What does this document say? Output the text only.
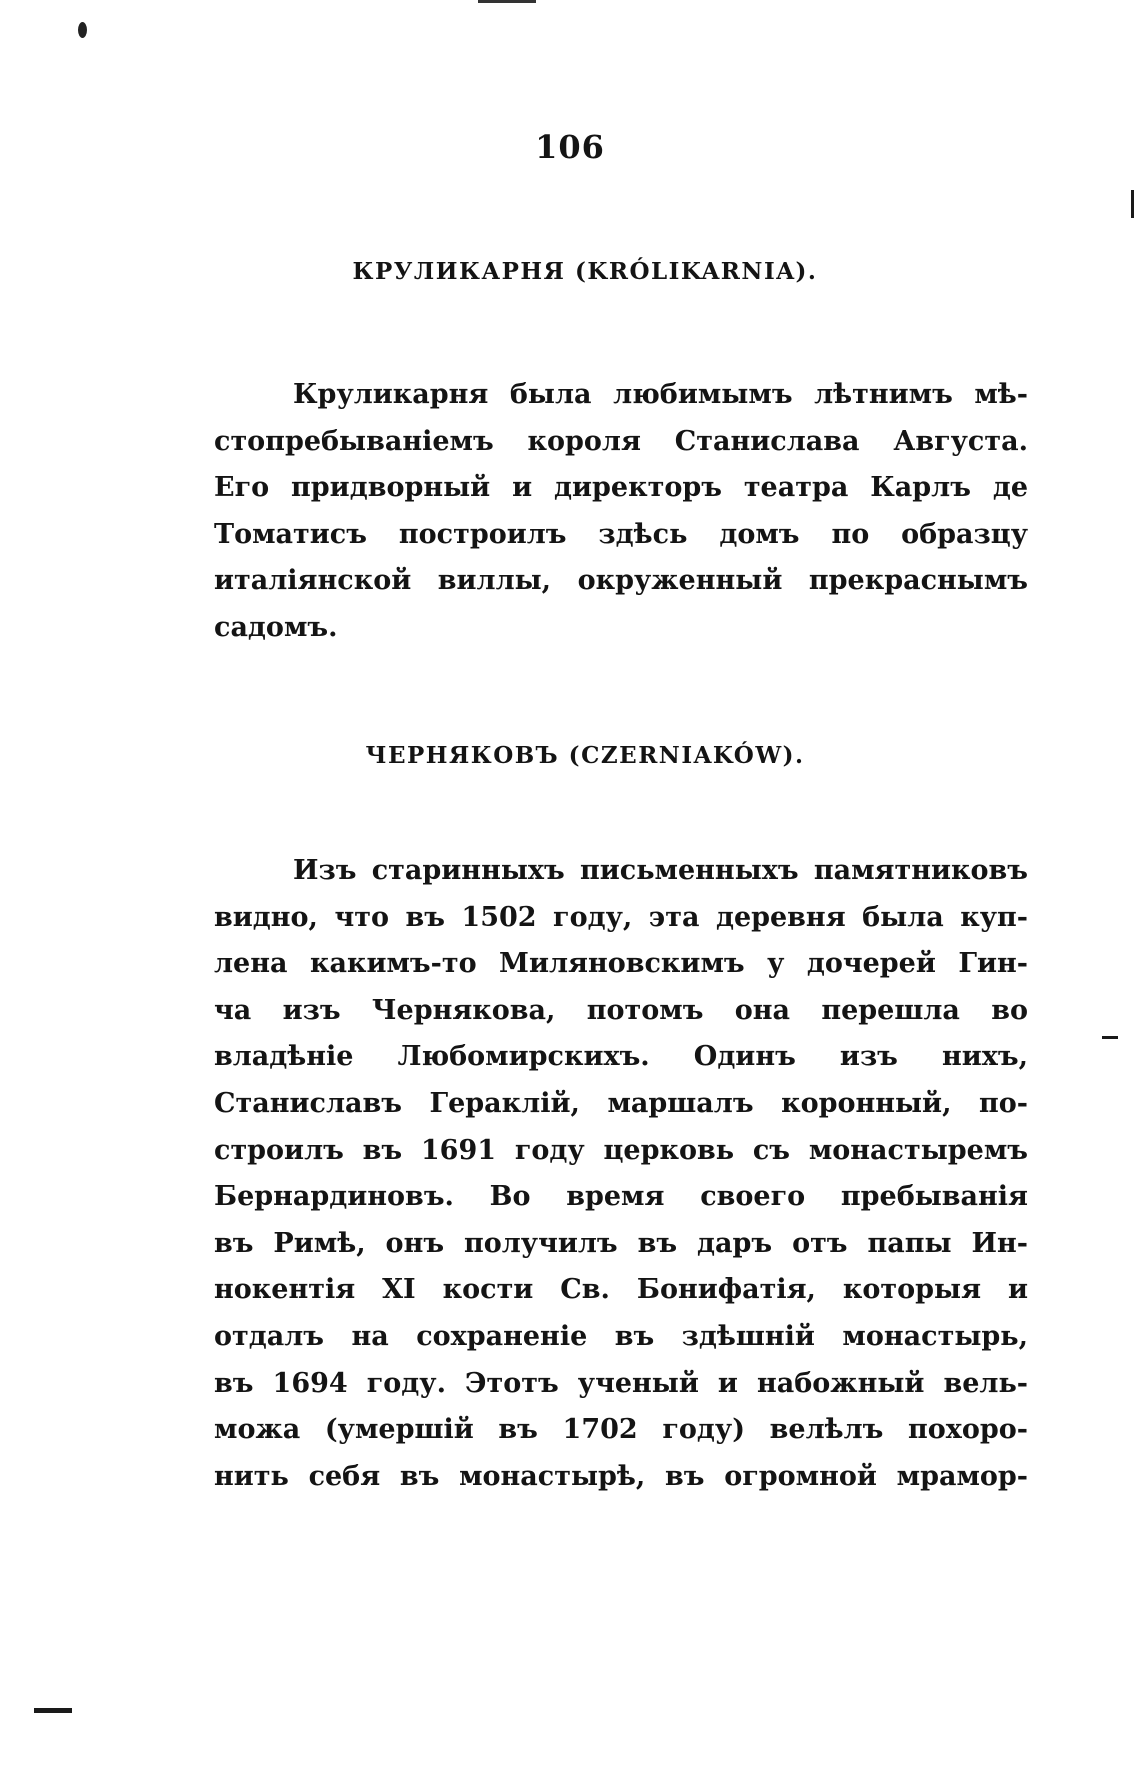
106
КРУЛИКАРНЯ (KRÓLIKARNIA).
Круликарня была любимымъ лѣтнимъ мѣ-
стопребываніемъ короля Станислава Августа.
Его придворный и директоръ театра Карлъ де
Томатисъ построилъ здѣсь домъ по образцу
италіянской виллы, окруженный прекраснымъ
садомъ.
ЧЕРНЯКОВЪ (CZERNIAKÓW).
Изъ старинныхъ письменныхъ памятниковъ
видно, что въ 1502 году, эта деревня была куп-
лена какимъ-то Миляновскимъ у дочерей Гин-
ча изъ Чернякова, потомъ она перешла во
владѣніе Любомирскихъ. Одинъ изъ нихъ,
Станиславъ Гераклій, маршалъ коронный, по-
строилъ въ 1691 году церковь съ монастыремъ
Бернардиновъ. Во время своего пребыванія
въ Римѣ, онъ получилъ въ даръ отъ папы Ин-
нокентія XI кости Св. Бонифатія, которыя и
отдалъ на сохраненіе въ здѣшній монастырь,
въ 1694 году. Этотъ ученый и набожный вель-
можа (умершій въ 1702 году) велѣлъ похоро-
нить себя въ монастырѣ, въ огромной мрамор-
